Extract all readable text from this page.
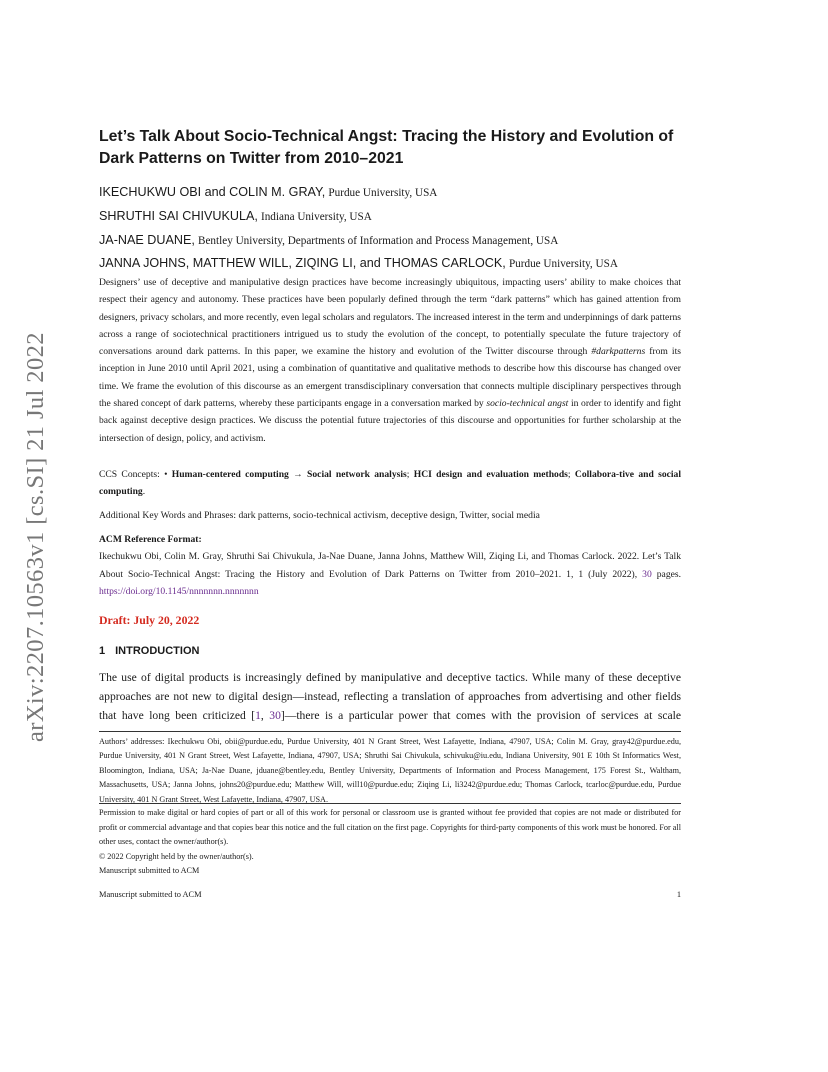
arXiv:2207.10563v1 [cs.SI] 21 Jul 2022
Let’s Talk About Socio-Technical Angst: Tracing the History and Evolution of Dark Patterns on Twitter from 2010–2021
IKECHUKWU OBI and COLIN M. GRAY, Purdue University, USA
SHRUTHI SAI CHIVUKULA, Indiana University, USA
JA-NAE DUANE, Bentley University, Departments of Information and Process Management, USA
JANNA JOHNS, MATTHEW WILL, ZIQING LI, and THOMAS CARLOCK, Purdue University, USA
Designers’ use of deceptive and manipulative design practices have become increasingly ubiquitous, impacting users’ ability to make choices that respect their agency and autonomy. These practices have been popularly defined through the term “dark patterns” which has gained attention from designers, privacy scholars, and more recently, even legal scholars and regulators. The increased interest in the term and underpinnings of dark patterns across a range of sociotechnical practitioners intrigued us to study the evolution of the concept, to potentially speculate the future trajectory of conversations around dark patterns. In this paper, we examine the history and evolution of the Twitter discourse through #darkpatterns from its inception in June 2010 until April 2021, using a combination of quantitative and qualitative methods to describe how this discourse has changed over time. We frame the evolution of this discourse as an emergent transdisciplinary conversation that connects multiple disciplinary perspectives through the shared concept of dark patterns, whereby these participants engage in a conversation marked by socio-technical angst in order to identify and fight back against deceptive design practices. We discuss the potential future trajectories of this discourse and opportunities for further scholarship at the intersection of design, policy, and activism.
CCS Concepts: • Human-centered computing → Social network analysis; HCI design and evaluation methods; Collabora-tive and social computing.
Additional Key Words and Phrases: dark patterns, socio-technical activism, deceptive design, Twitter, social media
ACM Reference Format:
Ikechukwu Obi, Colin M. Gray, Shruthi Sai Chivukula, Ja-Nae Duane, Janna Johns, Matthew Will, Ziqing Li, and Thomas Carlock. 2022. Let’s Talk About Socio-Technical Angst: Tracing the History and Evolution of Dark Patterns on Twitter from 2010–2021. 1, 1 (July 2022), 30 pages. https://doi.org/10.1145/nnnnnnn.nnnnnnn
Draft: July 20, 2022
1 INTRODUCTION
The use of digital products is increasingly defined by manipulative and deceptive tactics. While many of these deceptive approaches are not new to digital design—instead, reflecting a translation of approaches from advertising and other fields that have long been criticized [1, 30]—there is a particular power that comes with the provision of services at scale
Authors’ addresses: Ikechukwu Obi, obii@purdue.edu, Purdue University, 401 N Grant Street, West Lafayette, Indiana, 47907, USA; Colin M. Gray, gray42@purdue.edu, Purdue University, 401 N Grant Street, West Lafayette, Indiana, 47907, USA; Shruthi Sai Chivukula, schivuku@iu.edu, Indiana University, 901 E 10th St Informatics West, Bloomington, Indiana, USA; Ja-Nae Duane, jduane@bentley.edu, Bentley University, Departments of Information and Process Management, 175 Forest St., Waltham, Massachusetts, USA; Janna Johns, johns20@purdue.edu; Matthew Will, will10@purdue.edu; Ziqing Li, li3242@purdue.edu; Thomas Carlock, tcarloc@purdue.edu, Purdue University, 401 N Grant Street, West Lafayette, Indiana, 47907, USA.

Permission to make digital or hard copies of part or all of this work for personal or classroom use is granted without fee provided that copies are not made or distributed for profit or commercial advantage and that copies bear this notice and the full citation on the first page. Copyrights for third-party components of this work must be honored. For all other uses, contact the owner/author(s).

© 2022 Copyright held by the owner/author(s).

Manuscript submitted to ACM

Manuscript submitted to ACM	1
